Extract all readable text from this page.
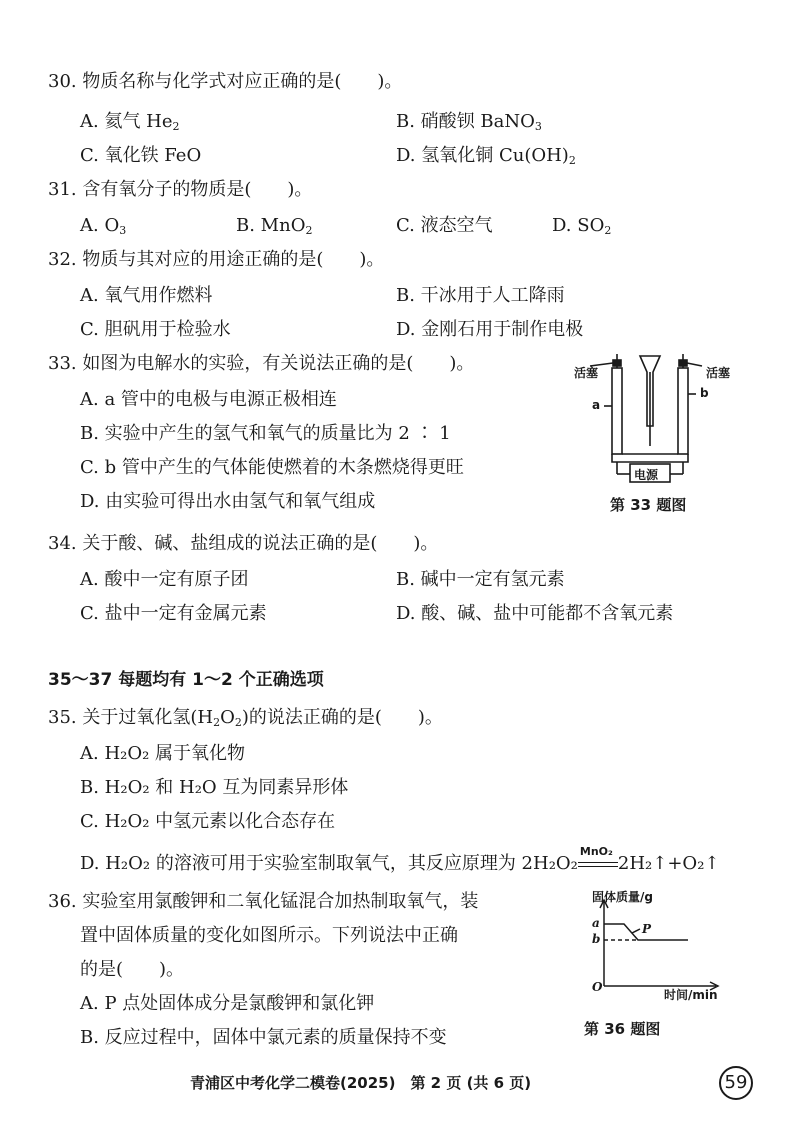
30. 物质名称与化学式对应正确的是(　　)。
A. 氦气 $He_2$	B. 硝酸钡 BaNO$_3$
C. 氧化铁 FeO	D. 氢氧化铜 $Cu(OH)_2$
31. 含有氧分子的物质是(　　)。
A. $O_3$	B. MnO$_2$	C. 液态空气	D. $SO_2$
32. 物质与其对应的用途正确的是(　　)。
A. 氧气用作燃料	B. 干冰用于人工降雨
C. 胆矾用于检验水	D. 金刚石用于制作电极
33. 如图为电解水的实验，有关说法正确的是(　　)。
A. a 管中的电极与电源正极相连
B. 实验中产生的氢气和氧气的质量比为 2 ∶ 1
C. b 管中产生的气体能使燃着的木条燃烧得更旺
D. 由实验可得出水由氢气和氧气组成
活塞	活塞
a
b
电源
第 33 题图
34. 关于酸、碱、盐组成的说法正确的是(　　)。
A. 酸中一定有原子团	B. 碱中一定有氢元素
C. 盐中一定有金属元素	D. 酸、碱、盐中可能都不含氧元素
35～37 每题均有 1～2 个正确选项
35. 关于过氧化氢$(H_2O_2)$的说法正确的是(　　)。
A. H₂O₂ 属于氧化物
B. H₂O₂ 和 H₂O 互为同素异形体
C. H₂O₂ 中氢元素以化合态存在
D. H₂O₂ 的溶液可用于实验室制取氧气，其反应原理为 2H₂O₂
MnO₂
2H₂↑+O₂↑
36. 实验室用氯酸钾和二氧化锰混合加热制取氧气，装
置中固体质量的变化如图所示。下列说法中正确
的是(　　)。
A. P 点处固体成分是氯酸钾和氯化钾
B. 反应过程中，固体中氯元素的质量保持不变
固体质量/g
a
b
P
O
时间/min
第 36 题图
青浦区中考化学二模卷(2025)　第 2 页 (共 6 页)	59
